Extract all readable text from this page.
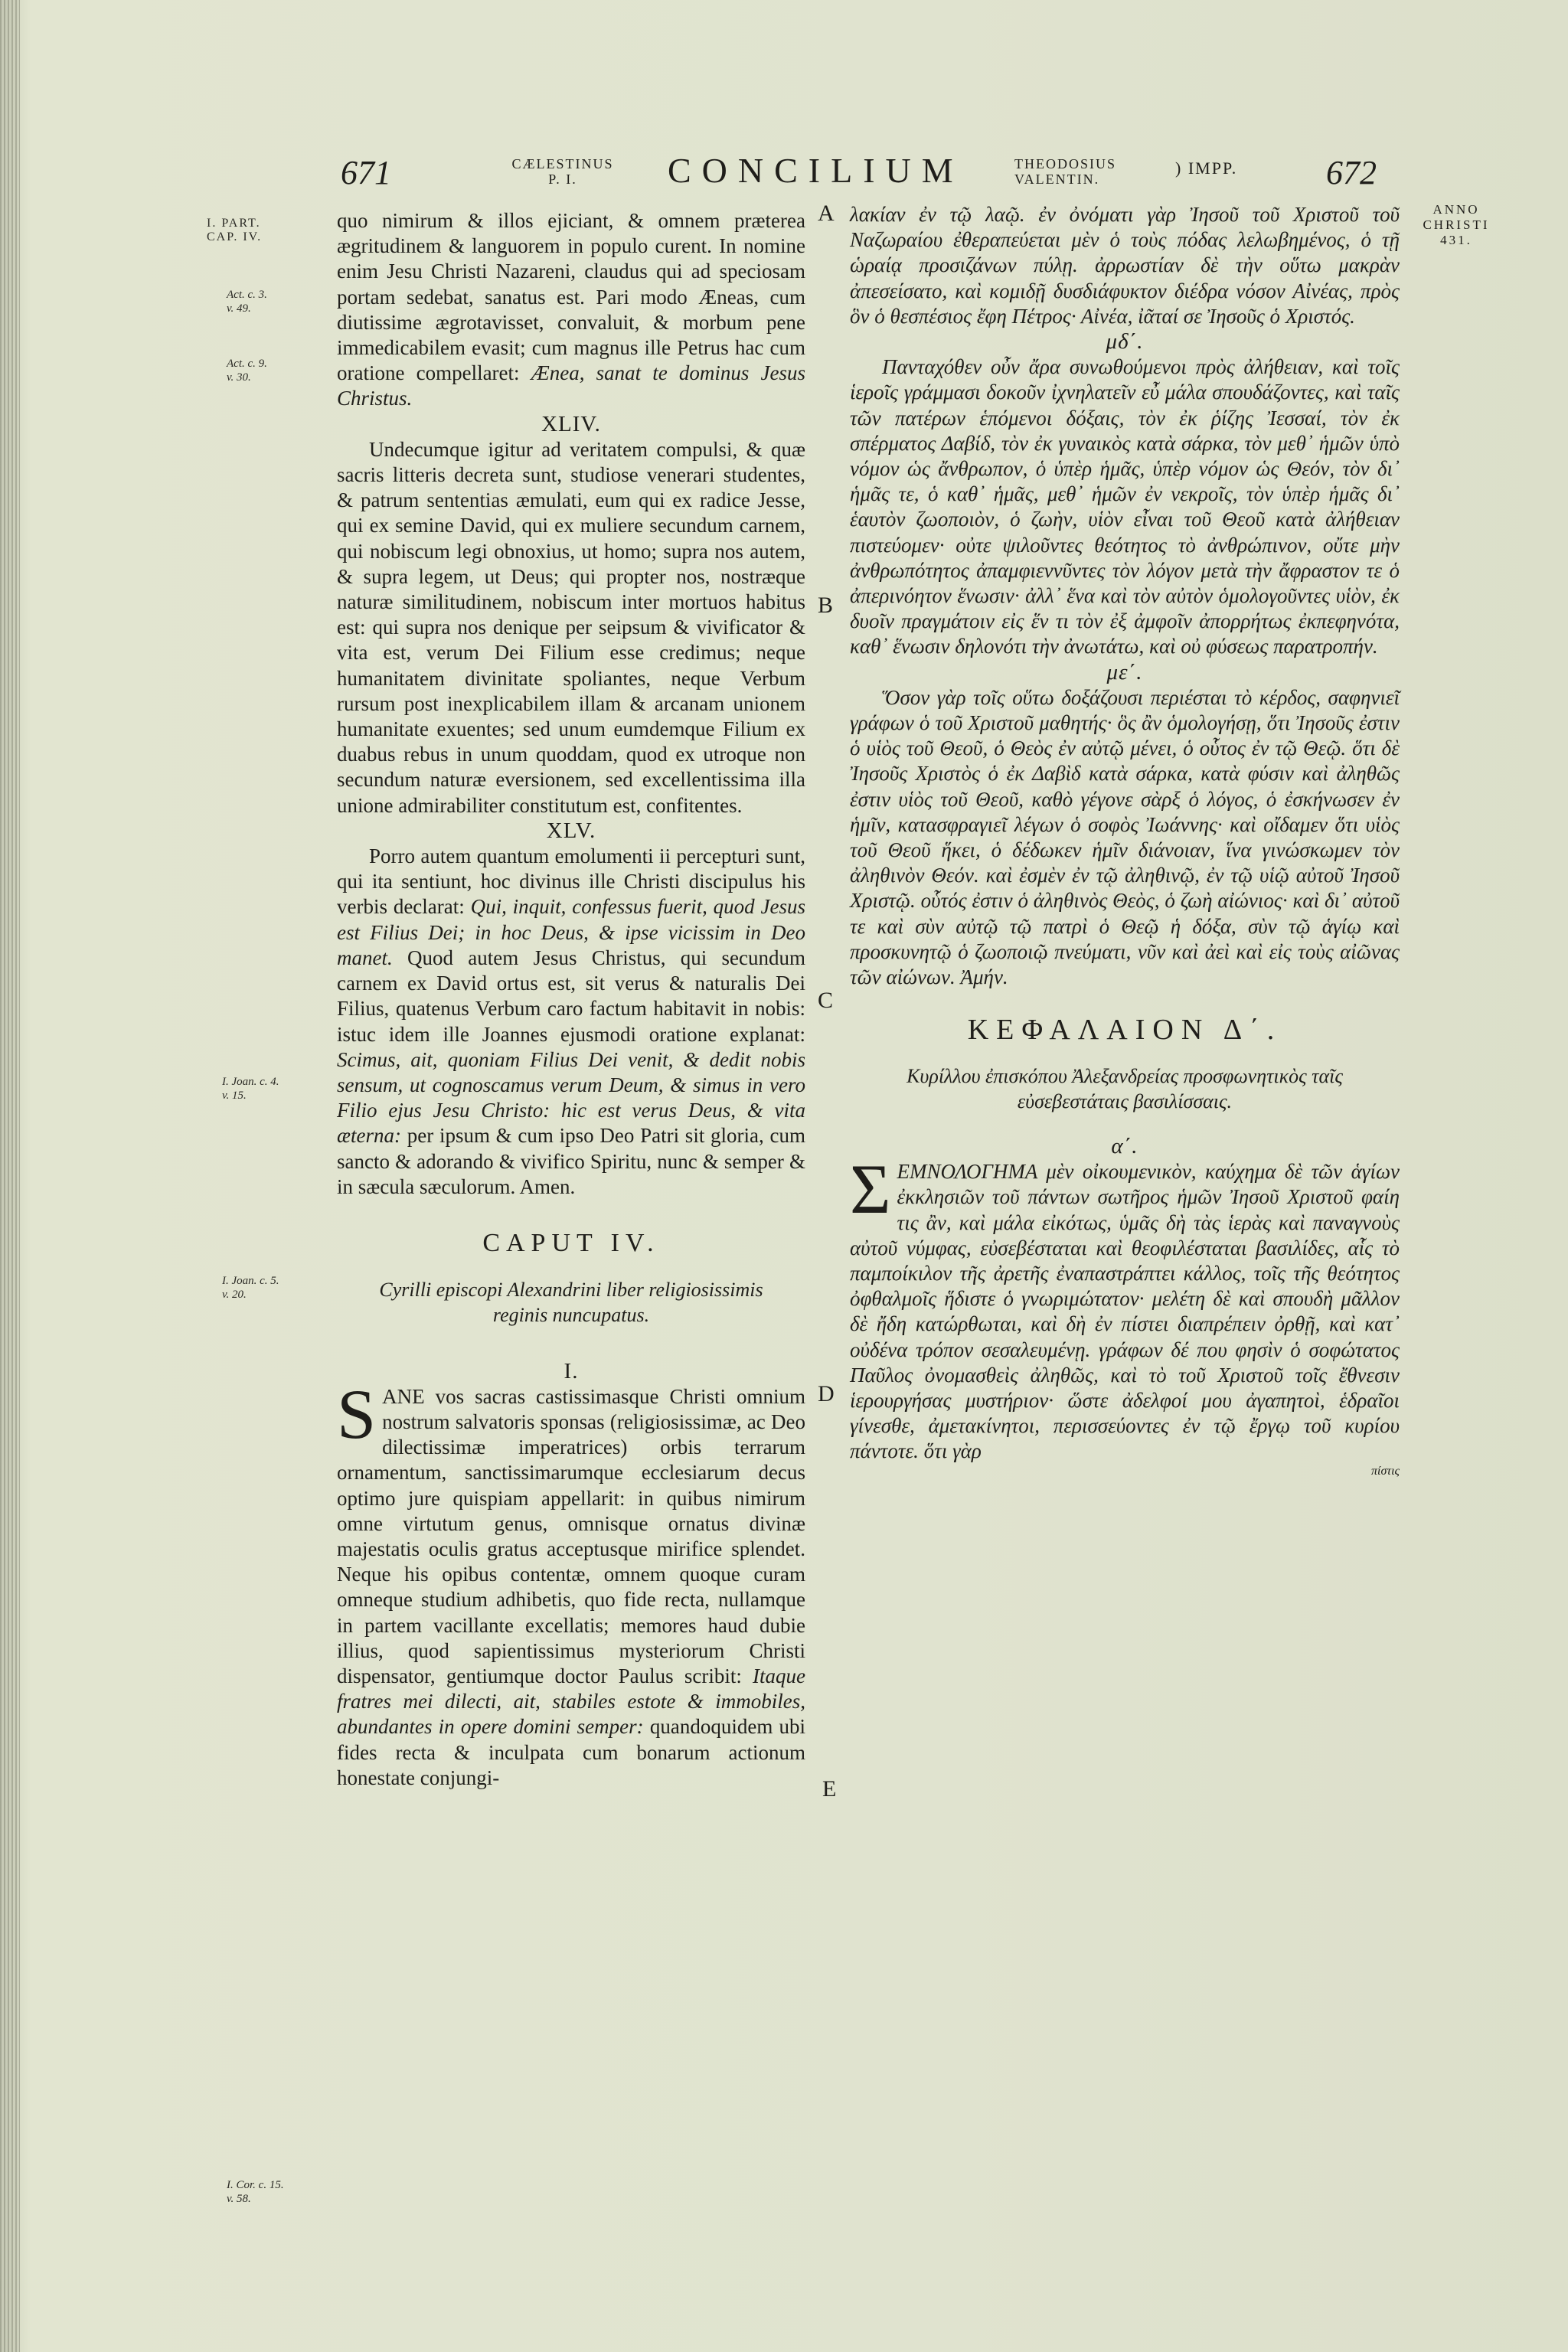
671	CÆLESTINUS
P. I.	CONCILIUM	THEODOSIUS
VALENTIN.
) IMPP.	672
I. PART.
CAP. IV.
Act. c. 3.
v. 49.
Act. c. 9.
v. 30.
I. Joan. c. 4.
v. 15.
I. Joan. c. 5.
v. 20.
I. Cor. c. 15.
v. 58.
ANNO
CHRISTI
431.
A
B
C
D
E

quo nimirum & illos ejiciant, & omnem præterea ægritudinem & languorem in populo curent. In nomine enim Jesu Christi Nazareni, claudus qui ad speciosam portam sedebat, sanatus est. Pari modo Æneas, cum diutissime ægrotavisset, convaluit, & morbum pene immedicabilem evasit; cum magnus ille Petrus hac cum oratione compellaret: Ænea, sanat te dominus Jesus Christus.

XLIV.

Undecumque igitur ad veritatem compulsi, & quæ sacris litteris decreta sunt, studiose venerari studentes, & patrum sententias æmulati, eum qui ex radice Jesse, qui ex semine David, qui ex muliere secundum carnem, qui nobiscum legi obnoxius, ut homo; supra nos autem, & supra legem, ut Deus; qui propter nos, nostræque naturæ similitudinem, nobiscum inter mortuos habitus est: qui supra nos denique per seipsum & vivificator & vita est, verum Dei Filium esse credimus; neque humanitatem divinitate spoliantes, neque Verbum rursum post inexplicabilem illam & arcanam unionem humanitate exuentes; sed unum eumdemque Filium ex duabus rebus in unum quoddam, quod ex utroque non secundum naturæ eversionem, sed excellentissima illa unione admirabiliter constitutum est, confitentes.

XLV.

Porro autem quantum emolumenti ii percepturi sunt, qui ita sentiunt, hoc divinus ille Christi discipulus his verbis declarat: Qui, inquit, confessus fuerit, quod Jesus est Filius Dei; in hoc Deus, & ipse vicissim in Deo manet. Quod autem Jesus Christus, qui secundum carnem ex David ortus est, sit verus & naturalis Dei Filius, quatenus Verbum caro factum habitavit in nobis: istuc idem ille Joannes ejusmodi oratione explanat: Scimus, ait, quoniam Filius Dei venit, & dedit nobis sensum, ut cognoscamus verum Deum, & simus in vero Filio ejus Jesu Christo: hic est verus Deus, & vita æterna: per ipsum & cum ipso Deo Patri sit gloria, cum sancto & adorando & vivifico Spiritu, nunc & semper & in sæcula sæculorum. Amen.

CAPUT IV.

Cyrilli episcopi Alexandrini liber religiosissimis reginis nuncupatus.

I.

SANE vos sacras castissimasque Christi omnium nostrum salvatoris sponsas (religiosissimæ, ac Deo dilectissimæ imperatrices) orbis terrarum ornamentum, sanctissimarumque ecclesiarum decus optimo jure quispiam appellarit: in quibus nimirum omne virtutum genus, omnisque ornatus divinæ majestatis oculis gratus acceptusque mirifice splendet. Neque his opibus contentæ, omnem quoque curam omneque studium adhibetis, quo fide recta, nullamque in partem vacillante excellatis; memores haud dubie illius, quod sapientissimus mysteriorum Christi dispensator, gentiumque doctor Paulus scribit: Itaque fratres mei dilecti, ait, stabiles estote & immobiles, abundantes in opere domini semper: quandoquidem ubi fides recta & inculpata cum bonarum actionum honestate conjungi-

λακίαν ἐν τῷ λαῷ. ἐν ὀνόματι γὰρ Ἰησοῦ τοῦ Χριστοῦ τοῦ Ναζωραίου ἐθεραπεύεται μὲν ὁ τοὺς πόδας λελωβημένος, ὁ τῇ ὡραίᾳ προσιζάνων πύλῃ. ἀρρωστίαν δὲ τὴν οὕτω μακρὰν ἀπεσείσατο, καὶ κομιδῇ δυσδιάφυκτον διέδρα νόσον Αἰνέας, πρὸς ὃν ὁ θεσπέσιος ἔφη Πέτρος· Αἰνέα, ἰᾶταί σε Ἰησοῦς ὁ Χριστός.

μδ΄.

Πανταχόθεν οὖν ἄρα συνωθούμενοι πρὸς ἀλήθειαν, καὶ τοῖς ἱεροῖς γράμμασι δοκοῦν ἰχνηλατεῖν εὖ μάλα σπουδάζοντες, καὶ ταῖς τῶν πατέρων ἑπόμενοι δόξαις, τὸν ἐκ ῥίζης Ἰεσσαί, τὸν ἐκ σπέρματος Δαβίδ, τὸν ἐκ γυναικὸς κατὰ σάρκα, τὸν μεθ᾽ ἡμῶν ὑπὸ νόμον ὡς ἄνθρωπον, ὁ ὑπὲρ ἡμᾶς, ὑπὲρ νόμον ὡς Θεόν, τὸν δι᾽ ἡμᾶς τε, ὁ καθ᾽ ἡμᾶς, μεθ᾽ ἡμῶν ἐν νεκροῖς, τὸν ὑπὲρ ἡμᾶς δι᾽ ἑαυτὸν ζωοποιὸν, ὁ ζωὴν, υἱὸν εἶναι τοῦ Θεοῦ κατὰ ἀλήθειαν πιστεύομεν· οὐτε ψιλοῦντες θεότητος τὸ ἀνθρώπινον, οὔτε μὴν ἀνθρωπότητος ἀπαμφιεννῦντες τὸν λόγον μετὰ τὴν ἄφραστον τε ὁ ἀπερινόητον ἕνωσιν· ἀλλ᾽ ἕνα καὶ τὸν αὐτὸν ὁμολογοῦντες υἱὸν, ἐκ δυοῖν πραγμάτοιν εἰς ἕν τι τὸν ἐξ ἀμφοῖν ἀπορρήτως ἐκπεφηνότα, καθ᾽ ἕνωσιν δηλονότι τὴν ἀνωτάτω, καὶ οὐ φύσεως παρατροπήν.

με΄.

Ὅσον γὰρ τοῖς οὕτω δοξάζουσι περιέσται τὸ κέρδος, σαφηνιεῖ γράφων ὁ τοῦ Χριστοῦ μαθητής· ὃς ἂν ὁμολογήσῃ, ὅτι Ἰησοῦς ἐστιν ὁ υἱὸς τοῦ Θεοῦ, ὁ Θεὸς ἐν αὐτῷ μένει, ὁ οὗτος ἐν τῷ Θεῷ. ὅτι δὲ Ἰησοῦς Χριστὸς ὁ ἐκ Δαβὶδ κατὰ σάρκα, κατὰ φύσιν καὶ ἀληθῶς ἐστιν υἱὸς τοῦ Θεοῦ, καθὸ γέγονε σὰρξ ὁ λόγος, ὁ ἐσκήνωσεν ἐν ἡμῖν, κατασφραγιεῖ λέγων ὁ σοφὸς Ἰωάννης· καὶ οἴδαμεν ὅτι υἱὸς τοῦ Θεοῦ ἥκει, ὁ δέδωκεν ἡμῖν διάνοιαν, ἵνα γινώσκωμεν τὸν ἀληθινὸν Θεόν. καὶ ἐσμὲν ἐν τῷ ἀληθινῷ, ἐν τῷ υἱῷ αὐτοῦ Ἰησοῦ Χριστῷ. οὗτός ἐστιν ὁ ἀληθινὸς Θεὸς, ὁ ζωὴ αἰώνιος· καὶ δι᾽ αὐτοῦ τε καὶ σὺν αὐτῷ τῷ πατρὶ ὁ Θεῷ ἡ δόξα, σὺν τῷ ἁγίῳ καὶ προσκυνητῷ ὁ ζωοποιῷ πνεύματι, νῦν καὶ ἀεὶ καὶ εἰς τοὺς αἰῶνας τῶν αἰώνων. Ἀμήν.

ΚΕΦΑΛΑΙΟΝ Δ΄.

Κυρίλλου ἐπισκόπου Ἀλεξανδρείας προσφωνητικὸς ταῖς εὐσεβεστάταις βασιλίσσαις.

α΄.

ΣΕΜΝΟΛΟΓΗΜΑ μὲν οἰκουμενικὸν, καύχημα δὲ τῶν ἁγίων ἐκκλησιῶν τοῦ πάντων σωτῆρος ἡμῶν Ἰησοῦ Χριστοῦ φαίη τις ἂν, καὶ μάλα εἰκότως, ὑμᾶς δὴ τὰς ἱερὰς καὶ παναγνοὺς αὐτοῦ νύμφας, εὐσεβέσταται καὶ θεοφιλέσταται βασιλίδες, αἷς τὸ παμποίκιλον τῆς ἀρετῆς ἐναπαστράπτει κάλλος, τοῖς τῆς θεότητος ὀφθαλμοῖς ἥδιστε ὁ γνωριμώτατον· μελέτη δὲ καὶ σπουδὴ μᾶλλον δὲ ἤδη κατώρθωται, καὶ δὴ ἐν πίστει διαπρέπειν ὀρθῇ, καὶ κατ᾽ οὐδένα τρόπον σεσαλευμένῃ. γράφων δέ που φησὶν ὁ σοφώτατος Παῦλος ὀνομασθεὶς ἀληθῶς, καὶ τὸ τοῦ Χριστοῦ τοῖς ἔθνεσιν ἱερουργήσας μυστήριον· ὥστε ἀδελφοί μου ἀγαπητοὶ, ἑδραῖοι γίνεσθε, ἀμετακίνητοι, περισσεύοντες ἐν τῷ ἔργῳ τοῦ κυρίου πάντοτε. ὅτι γὰρ

πίστις
